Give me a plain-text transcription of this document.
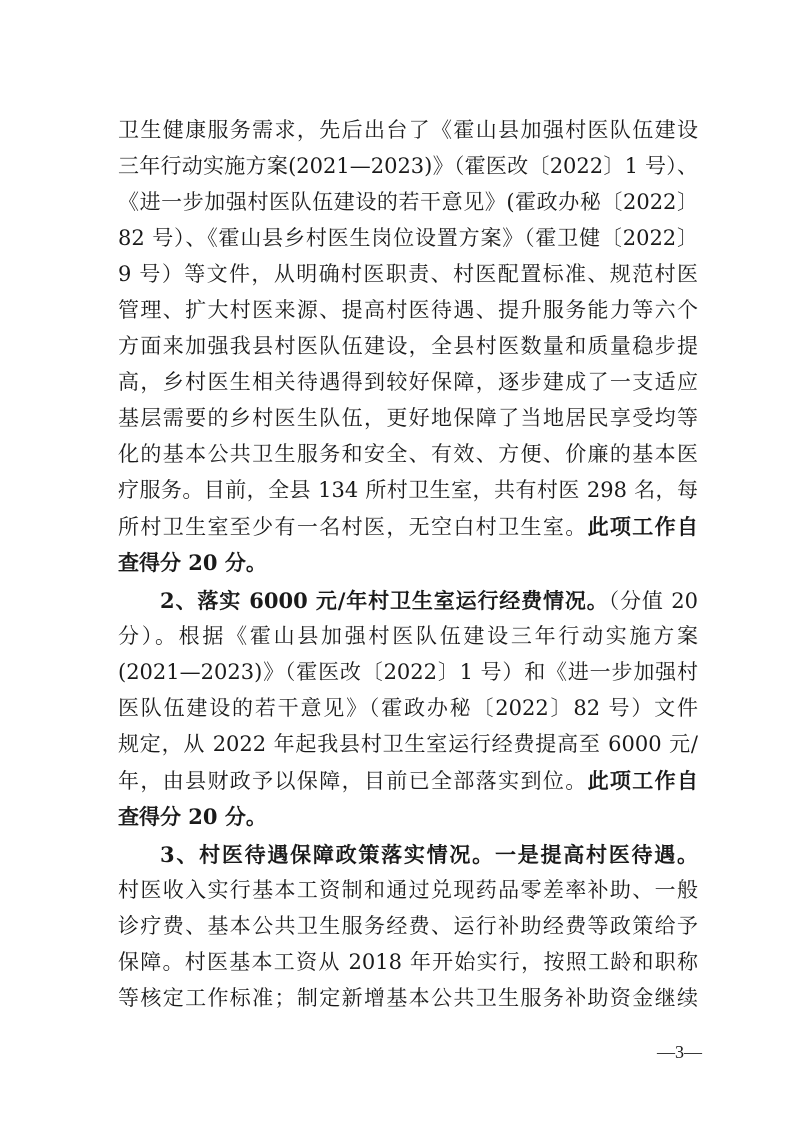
卫生健康服务需求，先后出台了《霍山县加强村医队伍建设
三年行动实施方案(2021—2023)》（霍医改〔2022〕1 号）、
《进一步加强村医队伍建设的若干意见》(霍政办秘〔2022〕
82 号）、《霍山县乡村医生岗位设置方案》（霍卫健〔2022〕
9 号）等文件，从明确村医职责、村医配置标准、规范村医
管理、扩大村医来源、提高村医待遇、提升服务能力等六个
方面来加强我县村医队伍建设，全县村医数量和质量稳步提
高，乡村医生相关待遇得到较好保障，逐步建成了一支适应
基层需要的乡村医生队伍，更好地保障了当地居民享受均等
化的基本公共卫生服务和安全、有效、方便、价廉的基本医
疗服务。目前，全县 134 所村卫生室，共有村医 298 名，每
所村卫生室至少有一名村医，无空白村卫生室。此项工作自
查得分 20 分。
2、落实 6000 元/年村卫生室运行经费情况。（分值 20
分）。根据《霍山县加强村医队伍建设三年行动实施方案
(2021—2023)》（霍医改〔2022〕1 号）和《进一步加强村
医队伍建设的若干意见》（霍政办秘〔2022〕82 号）文件
规定，从 2022 年起我县村卫生室运行经费提高至 6000 元/
年，由县财政予以保障，目前已全部落实到位。此项工作自
查得分 20 分。
3、村医待遇保障政策落实情况。一是提高村医待遇。
村医收入实行基本工资制和通过兑现药品零差率补助、一般
诊疗费、基本公共卫生服务经费、运行补助经费等政策给予
保障。村医基本工资从 2018 年开始实行，按照工龄和职称
等核定工作标准；制定新增基本公共卫生服务补助资金继续
—3—
